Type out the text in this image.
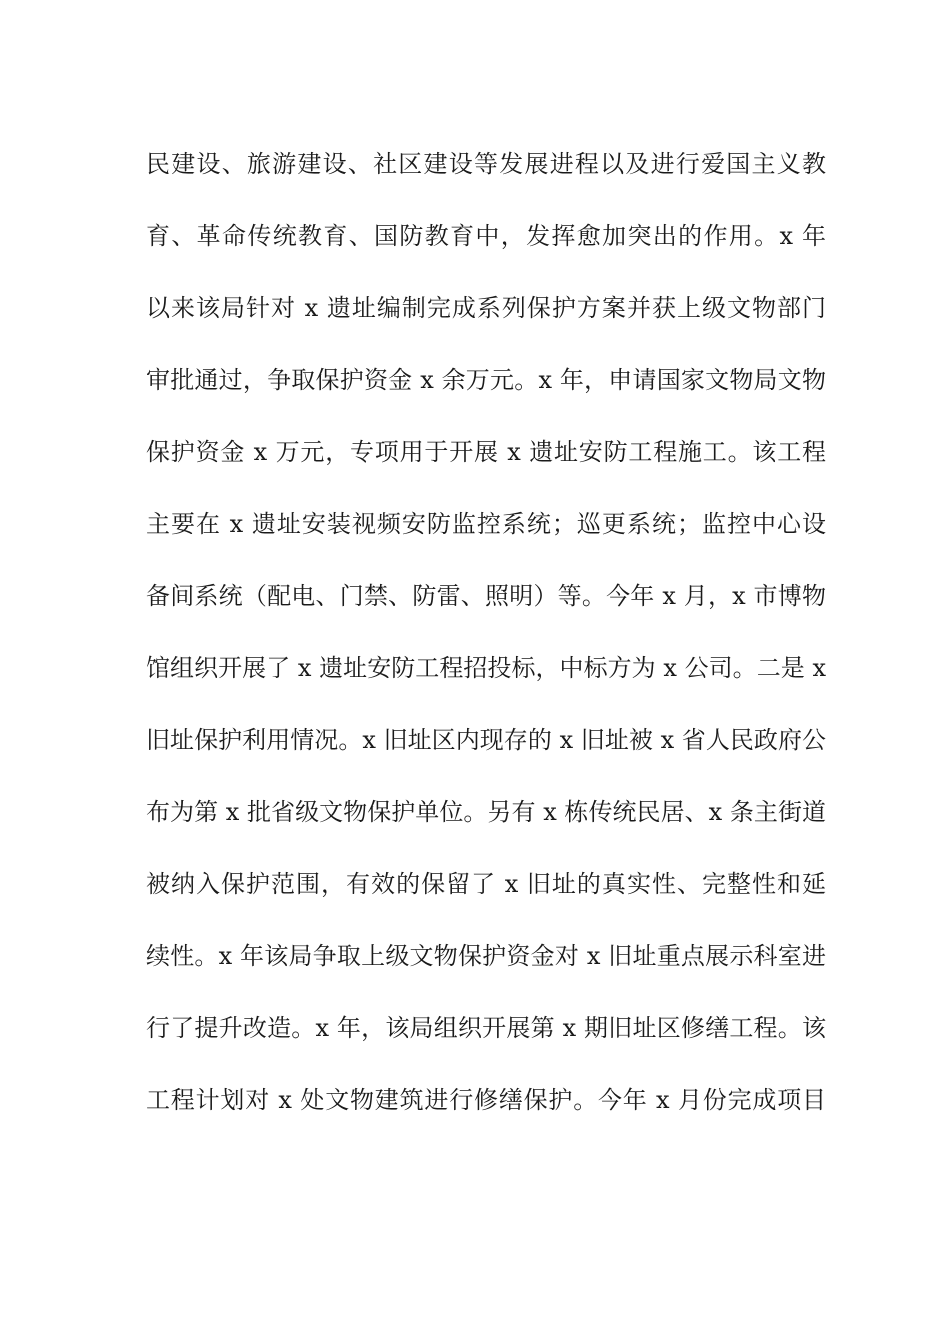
民建设、旅游建设、社区建设等发展进程以及进行爱国主义教
育、革命传统教育、国防教育中，发挥愈加突出的作用。x 年
以来该局针对 x 遗址编制完成系列保护方案并获上级文物部门
审批通过，争取保护资金 x 余万元。x 年，申请国家文物局文物
保护资金 x 万元，专项用于开展 x 遗址安防工程施工。该工程
主要在 x 遗址安装视频安防监控系统；巡更系统；监控中心设
备间系统（配电、门禁、防雷、照明）等。今年 x 月，x 市博物
馆组织开展了 x 遗址安防工程招投标，中标方为 x 公司。二是 x
旧址保护利用情况。x 旧址区内现存的 x 旧址被 x 省人民政府公
布为第 x 批省级文物保护单位。另有 x 栋传统民居、x 条主街道
被纳入保护范围，有效的保留了 x 旧址的真实性、完整性和延
续性。x 年该局争取上级文物保护资金对 x 旧址重点展示科室进
行了提升改造。x 年，该局组织开展第 x 期旧址区修缮工程。该
工程计划对 x 处文物建筑进行修缮保护。今年 x 月份完成项目
